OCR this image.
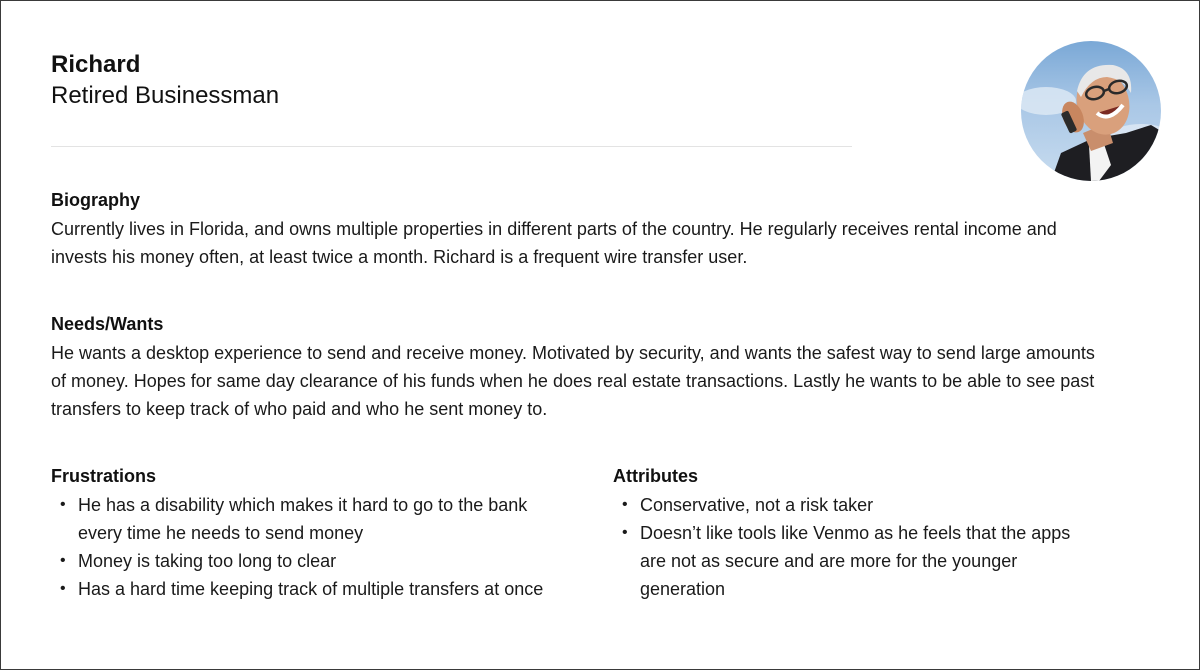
Richard
Retired Businessman
Biography

Currently lives in Florida, and owns multiple properties in different parts of the country. He regularly receives rental income and invests his money often, at least twice a month. Richard is a frequent wire transfer user.

Needs/Wants

He wants a desktop experience to send and receive money. Motivated by security, and wants the safest way to send large amounts of money. Hopes for same day clearance of his funds when he does real estate transactions. Lastly he wants to be able to see past transfers to keep track of who paid and who he sent money to.

Frustrations
• He has a disability which makes it hard to go to the bank every time he needs to send money
• Money is taking too long to clear
• Has a hard time keeping track of multiple transfers at once
Attributes
• Conservative, not a risk taker
• Doesn’t like tools like Venmo as he feels that the apps are not as secure and are more for the younger generation
